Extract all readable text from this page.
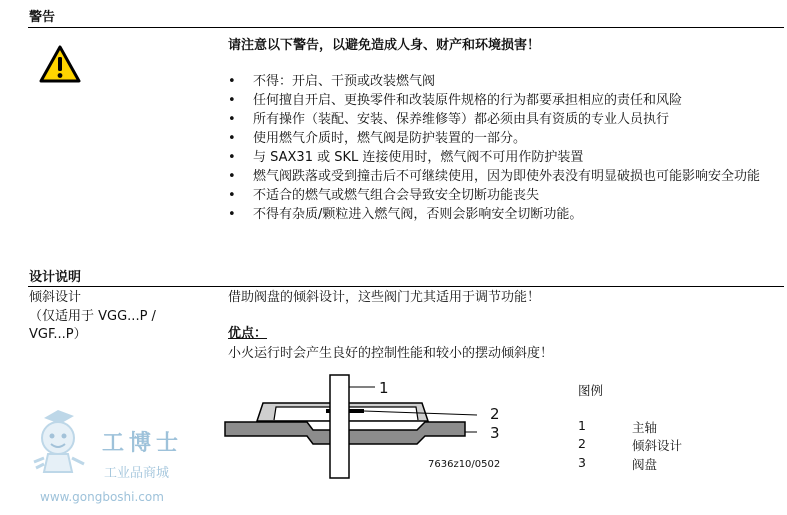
警告
请注意以下警告，以避免造成人身、财产和环境损害！
• 不得：开启、干预或改装燃气阀
• 任何擅自开启、更换零件和改装原件规格的行为都要承担相应的责任和风险
• 所有操作（装配、安装、保养维修等）都必须由具有资质的专业人员执行
• 使用燃气介质时，燃气阀是防护装置的一部分。
• 与 SAX31 或 SKL 连接使用时，燃气阀不可用作防护装置
• 燃气阀跌落或受到撞击后不可继续使用，因为即使外表没有明显破损也可能影响安全功能
• 不适合的燃气或燃气组合会导致安全切断功能丧失
• 不得有杂质/颗粒进入燃气阀，否则会影响安全切断功能。
设计说明
倾斜设计
（仅适用于 VGG...P /
VGF...P）
借助阀盘的倾斜设计，这些阀门尤其适用于调节功能！
优点：
小火运行时会产生良好的控制性能和较小的摆动倾斜度！
1
2
3
7636z10/0502
图例
1	主轴
2	倾斜设计
3	阀盘
工博士
工业品商城
www.gongboshi.com
